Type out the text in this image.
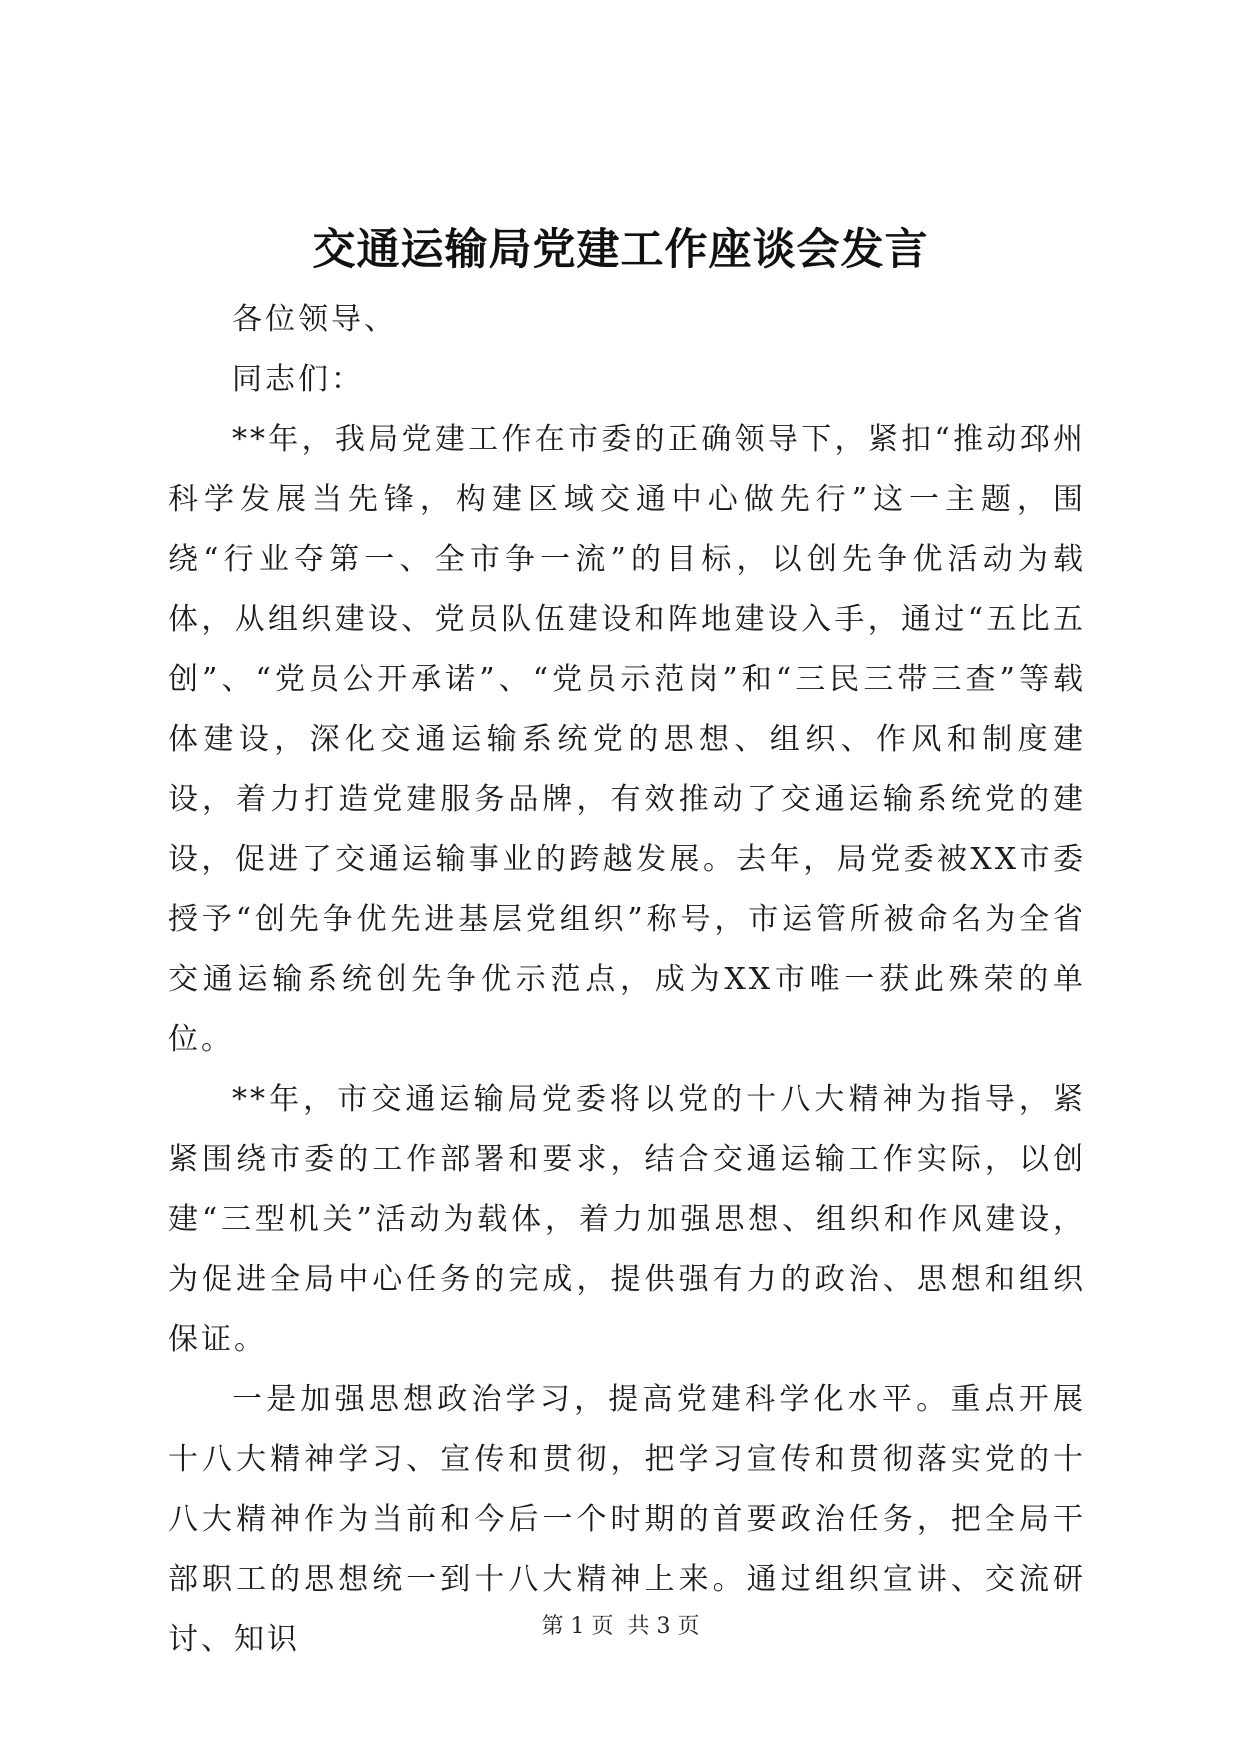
交通运输局党建工作座谈会发言

各位领导、

同志们：

**年，我局党建工作在市委的正确领导下，紧扣“推动邳州科学发展当先锋，构建区域交通中心做先行”这一主题，围绕“行业夺第一、全市争一流”的目标，以创先争优活动为载体，从组织建设、党员队伍建设和阵地建设入手，通过“五比五创”、“党员公开承诺”、“党员示范岗”和“三民三带三查”等载体建设，深化交通运输系统党的思想、组织、作风和制度建设，着力打造党建服务品牌，有效推动了交通运输系统党的建设，促进了交通运输事业的跨越发展。去年，局党委被XX市委授予“创先争优先进基层党组织”称号，市运管所被命名为全省交通运输系统创先争优示范点，成为XX市唯一获此殊荣的单位。

**年，市交通运输局党委将以党的十八大精神为指导，紧紧围绕市委的工作部署和要求，结合交通运输工作实际，以创建“三型机关”活动为载体，着力加强思想、组织和作风建设，为促进全局中心任务的完成，提供强有力的政治、思想和组织保证。

一是加强思想政治学习，提高党建科学化水平。重点开展十八大精神学习、宣传和贯彻，把学习宣传和贯彻落实党的十八大精神作为当前和今后一个时期的首要政治任务，把全局干部职工的思想统一到十八大精神上来。通过组织宣讲、交流研讨、知识	第 1 页  共 3 页
